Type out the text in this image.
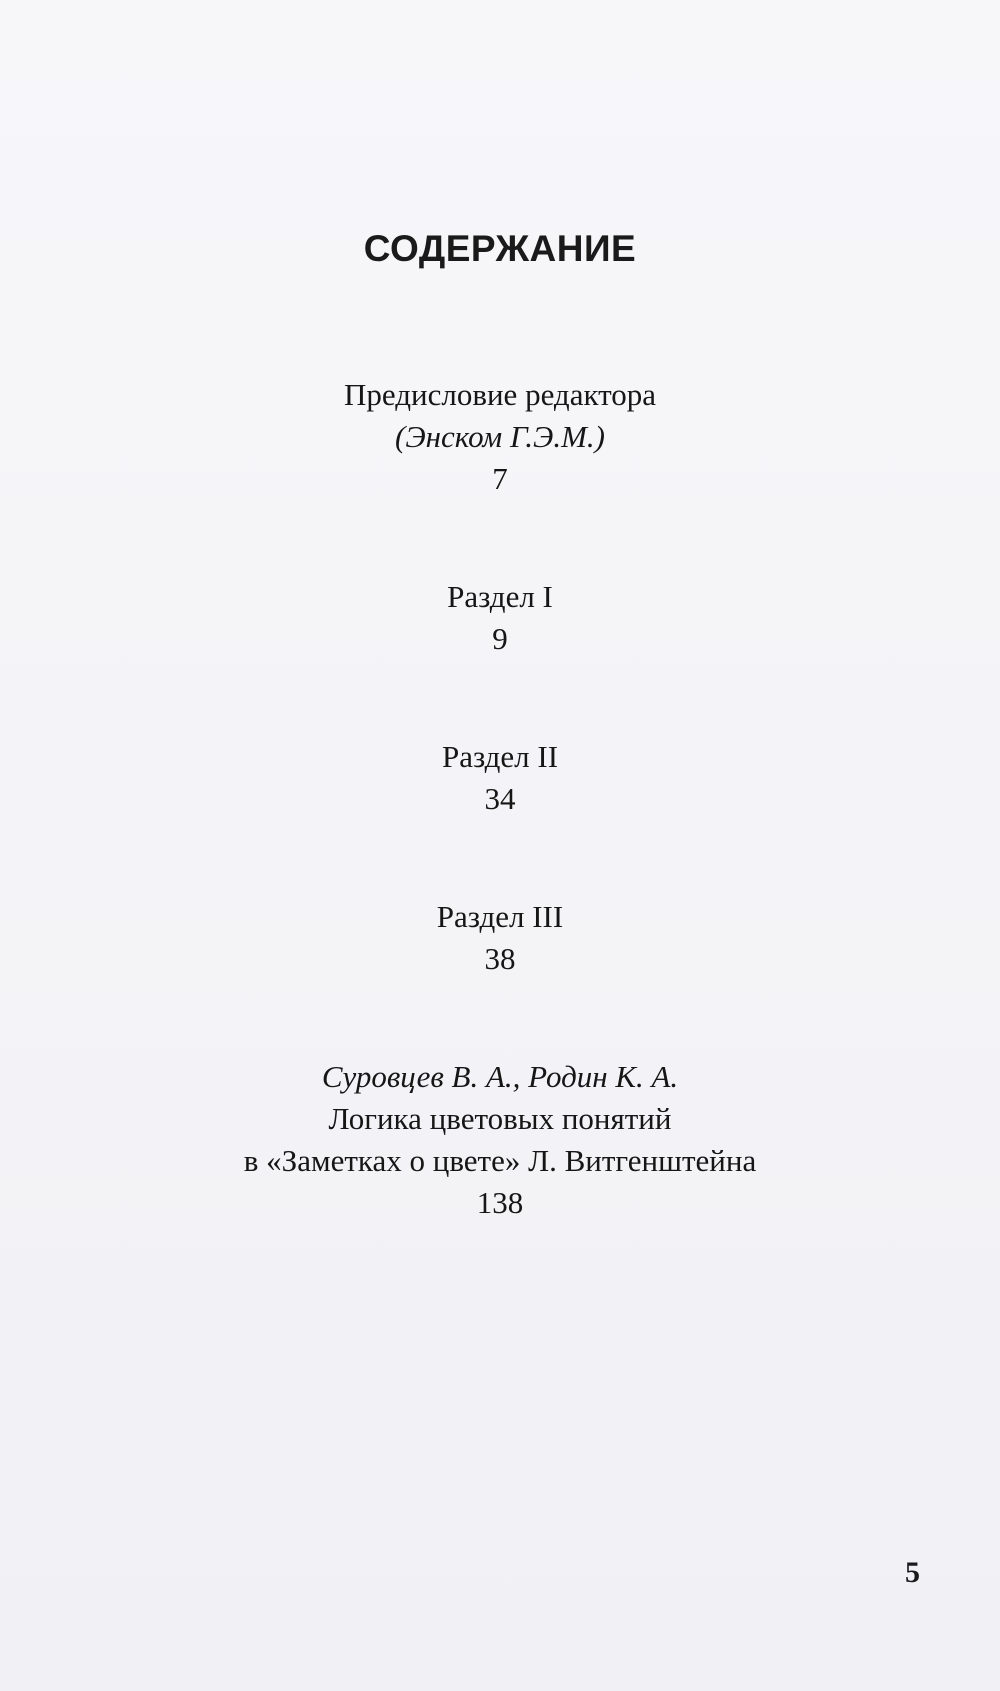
СОДЕРЖАНИЕ
Предисловие редактора
(Энском Г.Э.М.)
7
Раздел I
9
Раздел II
34
Раздел III
38
Суровцев В. А., Родин К. А.
Логика цветовых понятий
в «Заметках о цвете» Л. Витгенштейна
138
5
